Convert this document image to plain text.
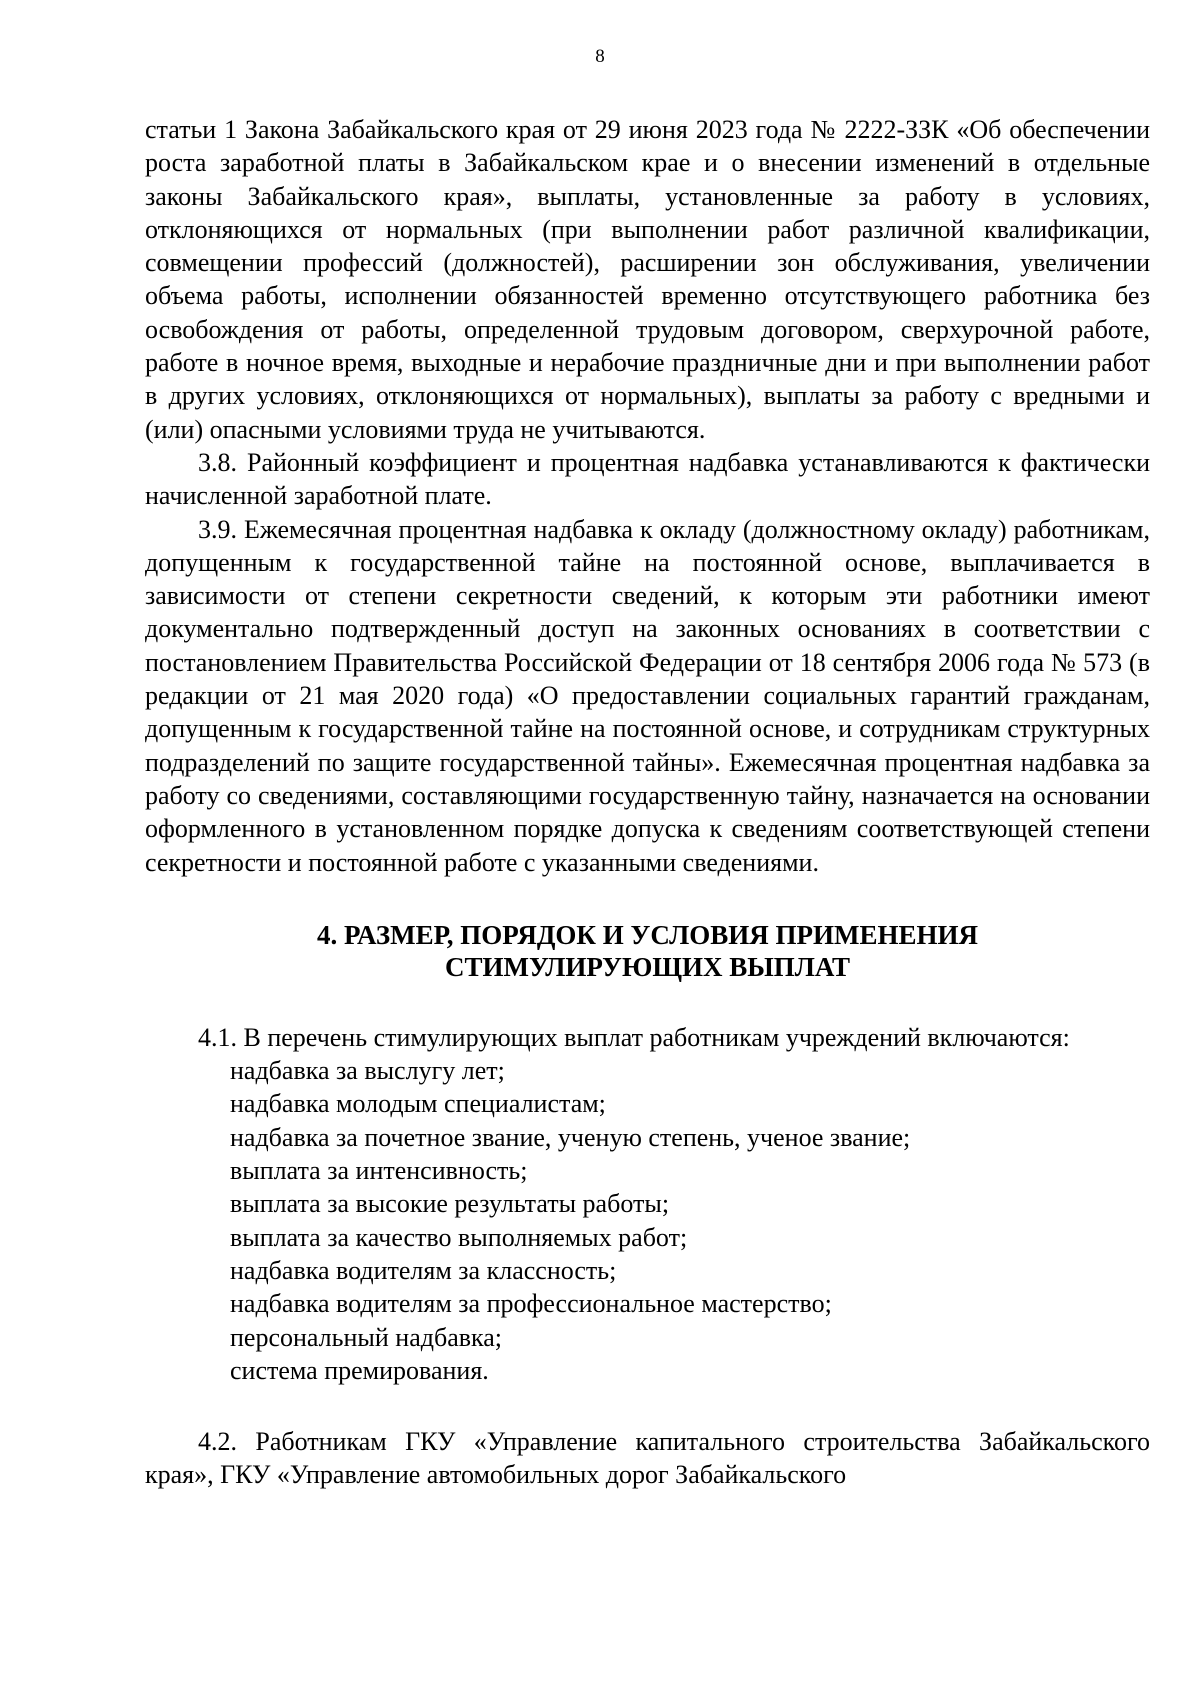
8

статьи 1 Закона Забайкальского края от 29 июня 2023 года № 2222-ЗЗК «Об обеспечении роста заработной платы в Забайкальском крае и о внесении изменений в отдельные законы Забайкальского края», выплаты, установленные за работу в условиях, отклоняющихся от нормальных (при выполнении работ различной квалификации, совмещении профессий (должностей), расширении зон обслуживания, увеличении объема работы, исполнении обязанностей временно отсутствующего работника без освобождения от работы, определенной трудовым договором, сверхурочной работе, работе в ночное время, выходные и нерабочие праздничные дни и при выполнении работ в других условиях, отклоняющихся от нормальных), выплаты за работу с вредными и (или) опасными условиями труда не учитываются.

3.8. Районный коэффициент и процентная надбавка устанавливаются к фактически начисленной заработной плате.

3.9. Ежемесячная процентная надбавка к окладу (должностному окладу) работникам, допущенным к государственной тайне на постоянной основе, выплачивается в зависимости от степени секретности сведений, к которым эти работники имеют документально подтвержденный доступ на законных основаниях в соответствии с постановлением Правительства Российской Федерации от 18 сентября 2006 года № 573 (в редакции от 21 мая 2020 года) «О предоставлении социальных гарантий гражданам, допущенным к государственной тайне на постоянной основе, и сотрудникам структурных подразделений по защите государственной тайны». Ежемесячная процентная надбавка за работу со сведениями, составляющими государственную тайну, назначается на основании оформленного в установленном порядке допуска к сведениям соответствующей степени секретности и постоянной работе с указанными сведениями.

4. РАЗМЕР, ПОРЯДОК И УСЛОВИЯ ПРИМЕНЕНИЯ
СТИМУЛИРУЮЩИХ ВЫПЛАТ

4.1. В перечень стимулирующих выплат работникам учреждений включаются:

надбавка за выслугу лет;
надбавка молодым специалистам;
надбавка за почетное звание, ученую степень, ученое звание;
выплата за интенсивность;
выплата за высокие результаты работы;
выплата за качество выполняемых работ;
надбавка водителям за классность;
надбавка водителям за профессиональное мастерство;
персональный надбавка;
система премирования.

4.2. Работникам ГКУ «Управление капитального строительства Забайкальского края», ГКУ «Управление автомобильных дорог Забайкальского
